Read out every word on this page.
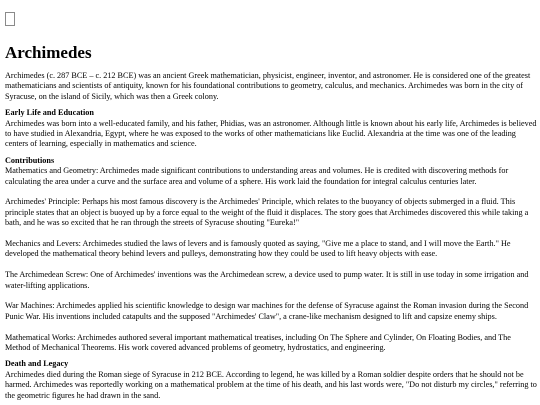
Archimedes

Archimedes (c. 287 BCE – c. 212 BCE) was an ancient Greek mathematician, physicist, engineer, inventor, and astronomer. He is considered one of the greatest mathematicians and scientists of antiquity, known for his foundational contributions to geometry, calculus, and mechanics. Archimedes was born in the city of Syracuse, on the island of Sicily, which was then a Greek colony.

Early Life and Education

Archimedes was born into a well-educated family, and his father, Phidias, was an astronomer. Although little is known about his early life, Archimedes is believed to have studied in Alexandria, Egypt, where he was exposed to the works of other mathematicians like Euclid. Alexandria at the time was one of the leading centers of learning, especially in mathematics and science.

Contributions

Mathematics and Geometry: Archimedes made significant contributions to understanding areas and volumes. He is credited with discovering methods for calculating the area under a curve and the surface area and volume of a sphere. His work laid the foundation for integral calculus centuries later.

Archimedes' Principle: Perhaps his most famous discovery is the Archimedes' Principle, which relates to the buoyancy of objects submerged in a fluid. This principle states that an object is buoyed up by a force equal to the weight of the fluid it displaces. The story goes that Archimedes discovered this while taking a bath, and he was so excited that he ran through the streets of Syracuse shouting "Eureka!"

Mechanics and Levers: Archimedes studied the laws of levers and is famously quoted as saying, "Give me a place to stand, and I will move the Earth." He developed the mathematical theory behind levers and pulleys, demonstrating how they could be used to lift heavy objects with ease.

The Archimedean Screw: One of Archimedes' inventions was the Archimedean screw, a device used to pump water. It is still in use today in some irrigation and water-lifting applications.

War Machines: Archimedes applied his scientific knowledge to design war machines for the defense of Syracuse against the Roman invasion during the Second Punic War. His inventions included catapults and the supposed "Archimedes' Claw", a crane-like mechanism designed to lift and capsize enemy ships.

Mathematical Works: Archimedes authored several important mathematical treatises, including On The Sphere and Cylinder, On Floating Bodies, and The Method of Mechanical Theorems. His work covered advanced problems of geometry, hydrostatics, and engineering.

Death and Legacy

Archimedes died during the Roman siege of Syracuse in 212 BCE. According to legend, he was killed by a Roman soldier despite orders that he should not be harmed. Archimedes was reportedly working on a mathematical problem at the time of his death, and his last words were, "Do not disturb my circles," referring to the geometric figures he had drawn in the sand.
